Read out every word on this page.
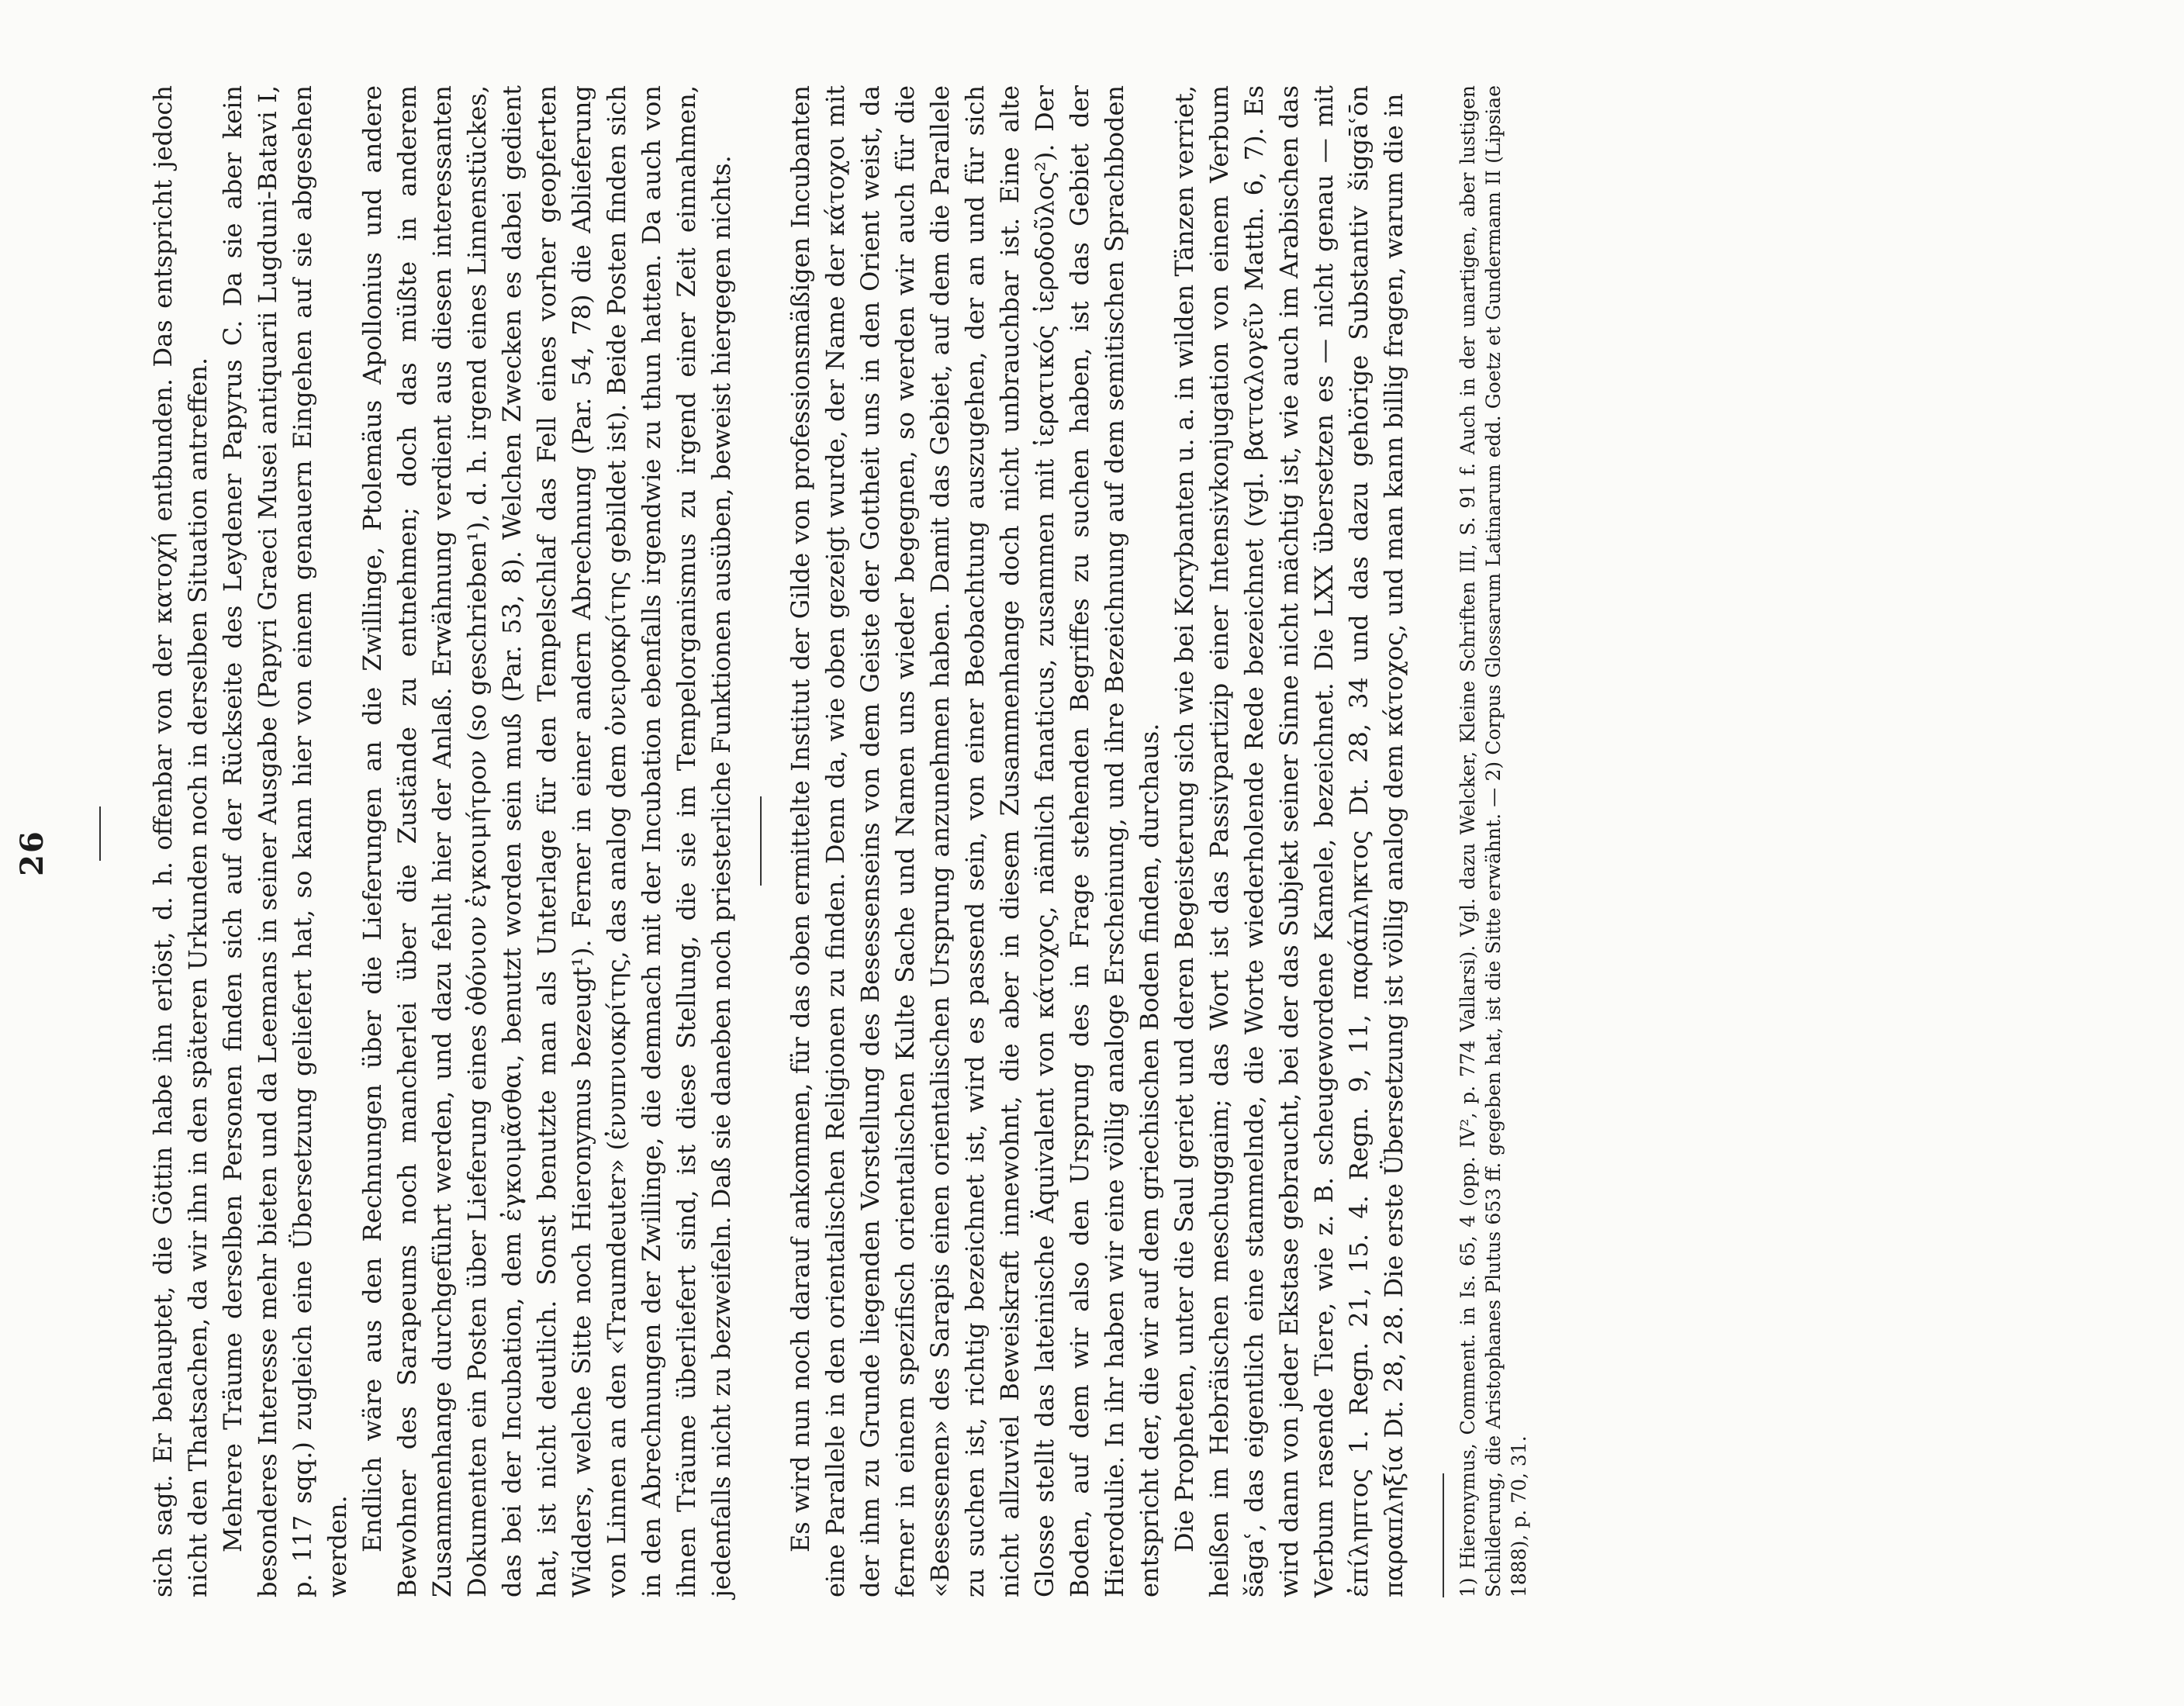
26	sich sagt. Er behauptet, die Göttin habe ihn erlöst, d. h. offenbar von der κατοχή entbunden. Das entspricht jedoch nicht den Thatsachen, da wir ihn in den späteren Urkunden noch in derselben Situation antreffen. Mehrere Träume derselben Personen finden sich auf der Rückseite des Leydener Papyrus C. Da sie aber kein besonderes Interesse mehr bieten und da Leemans in seiner Ausgabe (Papyri Graeci Musei antiquarii Lugduni-Batavi I, p. 117 sqq.) zugleich eine Übersetzung geliefert hat, so kann hier von einem genauern Eingehen auf sie abgesehen werden. Endlich wäre aus den Rechnungen über die Lieferungen an die Zwillinge, Ptolemäus Apollonius und andere Bewohner des Sarapeums noch mancherlei über die Zustände zu entnehmen; doch das müßte in anderem Zusammenhange durchgeführt werden, und dazu fehlt hier der Anlaß. Erwähnung verdient aus diesen interessanten Dokumenten ein Posten über Lieferung eines ὀθόνιον ἐγκοιμήτρον (so geschrieben¹), d. h. irgend eines Linnenstückes, das bei der Incubation, dem ἐγκοιμᾶσθαι, benutzt worden sein muß (Par. 53, 8). Welchen Zwecken es dabei gedient hat, ist nicht deutlich. Sonst benutzte man als Unterlage für den Tempelschlaf das Fell eines vorher geopferten Widders, welche Sitte noch Hieronymus bezeugt¹). Ferner in einer andern Abrechnung (Par. 54, 78) die Ablieferung von Linnen an den «Traumdeuter» (ἐνυπνιοκρίτης, das analog dem ὀνειροκρίτης gebildet ist). Beide Posten finden sich in den Abrechnungen der Zwillinge, die demnach mit der Incubation ebenfalls irgendwie zu thun hatten. Da auch von ihnen Träume überliefert sind, ist diese Stellung, die sie im Tempelorganismus zu irgend einer Zeit einnahmen, jedenfalls nicht zu bezweifeln. Daß sie daneben noch priesterliche Funktionen ausüben, beweist hiergegen nichts. Es wird nun noch darauf ankommen, für das oben ermittelte Institut der Gilde von professionsmäßigen Incubanten eine Parallele in den orientalischen Religionen zu finden. Denn da, wie oben gezeigt wurde, der Name der κάτοχοι mit der ihm zu Grunde liegenden Vorstellung des Besessenseins von dem Geiste der Gottheit uns in den Orient weist, da ferner in einem spezifisch orientalischen Kulte Sache und Namen uns wieder begegnen, so werden wir auch für die «Besessenen» des Sarapis einen orientalischen Ursprung anzunehmen haben. Damit das Gebiet, auf dem die Parallele zu suchen ist, richtig bezeichnet ist, wird es passend sein, von einer Beobachtung auszugehen, der an und für sich nicht allzuviel Beweiskraft innewohnt, die aber in diesem Zusammenhange doch nicht unbrauchbar ist. Eine alte Glosse stellt das lateinische Äquivalent von κάτοχος, nämlich fanaticus, zusammen mit ἱερατικός ἱεροδοῦλος²). Der Boden, auf dem wir also den Ursprung des in Frage stehenden Begriffes zu suchen haben, ist das Gebiet der Hierodulie. In ihr haben wir eine völlig analoge Erscheinung, und ihre Bezeichnung auf dem semitischen Sprachboden entspricht der, die wir auf dem griechischen Boden finden, durchaus. Die Propheten, unter die Saul geriet und deren Begeisterung sich wie bei Korybanten u. a. in wilden Tänzen verriet, heißen im Hebräischen meschuggaim; das Wort ist das Passivpartizip einer Intensivkonjugation von einem Verbum šāgaʿ, das eigentlich eine stammelnde, die Worte wiederholende Rede bezeichnet (vgl. βατταλογεῖν Matth. 6, 7). Es wird dann von jeder Ekstase gebraucht, bei der das Subjekt seiner Sinne nicht mächtig ist, wie auch im Arabischen das Verbum rasende Tiere, wie z. B. scheugewordene Kamele, bezeichnet. Die LXX übersetzen es — nicht genau — mit ἐπίληπτος 1. Regn. 21, 15. 4. Regn. 9, 11, παράπληκτος Dt. 28, 34 und das dazu gehörige Substantiv šiggāʿōn παραπληξία Dt. 28, 28. Die erste Übersetzung ist völlig analog dem κάτοχος, und man kann billig fragen, warum die in 1) Hieronymus, Comment. in Is. 65, 4 (opp. IV², p. 774 Vallarsi). Vgl. dazu Welcker, Kleine Schriften III, S. 91 f. Auch in der unartigen, aber lustigen Schilderung, die Aristophanes Plutus 653 ff. gegeben hat, ist die Sitte erwähnt. — 2) Corpus Glossarum Latinarum edd. Goetz et Gundermann II (Lipsiae 1888), p. 70, 31.
